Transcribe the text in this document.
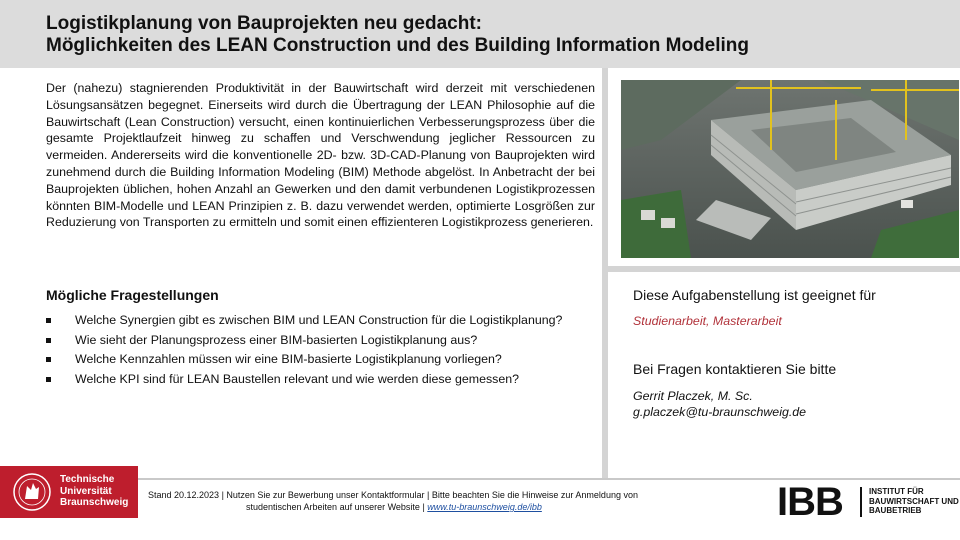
Logistikplanung von Bauprojekten neu gedacht:
Möglichkeiten des LEAN Construction und des Building Information Modeling

Der (nahezu) stagnierenden Produktivität in der Bauwirtschaft wird derzeit mit verschiedenen Lösungsansätzen begegnet. Einerseits wird durch die Übertragung der LEAN Philosophie auf die Bauwirtschaft (Lean Construction) versucht, einen kontinuierlichen Verbesserungsprozess über die gesamte Projektlaufzeit hinweg zu schaffen und Verschwendung jeglicher Ressourcen zu vermeiden. Andererseits wird die konventionelle 2D- bzw. 3D-CAD-Planung von Bauprojekten wird zunehmend durch die Building Information Modeling (BIM) Methode abgelöst. In Anbetracht der bei Bauprojekten üblichen, hohen Anzahl an Gewerken und den damit verbundenen Logistikprozessen könnten BIM-Modelle und LEAN Prinzipien z. B. dazu verwendet werden, optimierte Losgrößen zur Reduzierung von Transporten zu ermitteln und somit einen effizienteren Logistikprozess generieren.

Mögliche Fragestellungen
Welche Synergien gibt es zwischen BIM und LEAN Construction für die Logistikplanung?
Wie sieht der Planungsprozess einer BIM-basierten Logistikplanung aus?
Welche Kennzahlen müssen wir eine BIM-basierte Logistikplanung vorliegen?
Welche KPI sind für LEAN Baustellen relevant und wie werden diese gemessen?
Diese Aufgabenstellung ist geeignet für
Studienarbeit, Masterarbeit
Bei Fragen kontaktieren Sie bitte
Gerrit Placzek, M. Sc.
g.placzek@tu-braunschweig.de
Technische
Universität
Braunschweig
Stand 20.12.2023 | Nutzen Sie zur Bewerbung unser Kontaktformular | Bitte beachten Sie die Hinweise zur Anmeldung von
studentischen Arbeiten auf unserer Website | www.tu-braunschweig.de/ibb	IBB	INSTITUT FÜR
BAUWIRTSCHAFT UND
BAUBETRIEB
